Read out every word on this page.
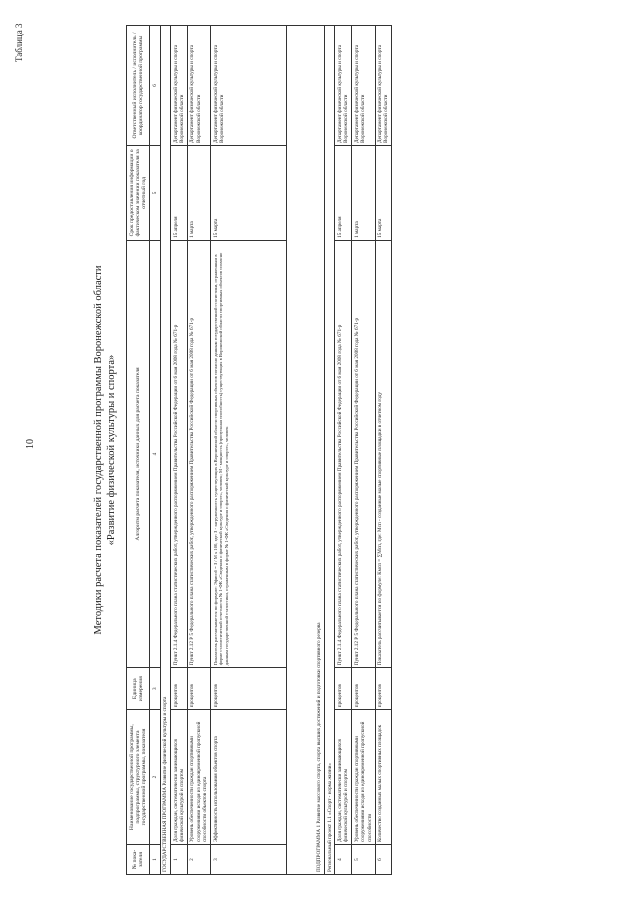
10
Таблица 3
Методики расчета показателей государственной программы Воронежской области «Развитие физической культуры и спорта»
№ пока-зателя	Наименование государственной программы, подпрограммы, структурного элемента государственной программы, показателя	Единица измерения	Алгоритм расчета показателя, источники данных для расчета показателя	Срок предоставления информации о фактическом значении показателя за отчетный год	Ответственный исполнитель / исполнитель / координатор государственной программы
1	2	3	4	5	6
ГОСУДАРСТВЕННАЯ ПРОГРАММА Развитие физической культуры и спорта					
1	Доля граждан, систематически занимающихся физической культурой и спортом	процентов	Пункт 2.1.4 Федерального плана статистических работ, утвержденного распоряжением Правительства Российской Федерации от 6 мая 2008 года № 671-р	15 апреля	Департамент физической культуры и спорта Воронежской области
2	Уровень обеспеченности граждан спортивными сооружениями исходя из единовременной пропускной способности объектов спорта	процентов	Пункт 2.12 Р 5 Федерального плана статистических работ, утвержденного распоряжением Правительства Российской Федерации от 6 мая 2008 года № 671-р	1 марта	Департамент физической культуры и спорта Воронежской области
3	Эффективность использования объектов спорта	процентов	Показатель рассчитывается по формуле: Эфисоб = З / М х 100, где: З - загруженность существующих в Воронежской области спортивных объектов согласно данным государственной статистики, отраженным в форме статистической отчетности № 1-ФК «Сведения о физической культуре и спорте», человек; М - мощность (пропускная способность) существующих в Воронежской области спортивных объектов согласно данным государственной статистики, отраженным в форме № 1-ФК «Сведения о физической культуре и спорте», человек	15 марта	Департамент физической культуры и спорта Воронежской области
ПОДПРОГРАММА 1 Развитие массового спорта, спорта высших достижений и подготовки спортивного резерва					
Региональный проект 1.1 «Спорт - норма жизни»					
4	Доля граждан, систематически занимающихся физической культурой и спортом	процентов	Пункт 2.1.4 Федерального плана статистических работ, утвержденного распоряжением Правительства Российской Федерации от 6 мая 2008 года № 671-р	15 апреля	Департамент физической культуры и спорта Воронежской области
5	Уровень обеспеченности граждан спортивными сооружениями исходя из единовременной пропускной способности	процентов	Пункт 2.12 Р 5 Федерального плана статистических работ, утвержденного распоряжением Правительства Российской Федерации от 6 мая 2008 года № 671-р	1 марта	Департамент физической культуры и спорта Воронежской области
6	Количество созданных малых спортивных площадок	процентов	Показатель рассчитывается по формуле: Кмсп = ∑Мсп, где: Мсп - созданные малые спортивные площадки в отчетном году	15 марта	Департамент физической культуры и спорта Воронежской области
